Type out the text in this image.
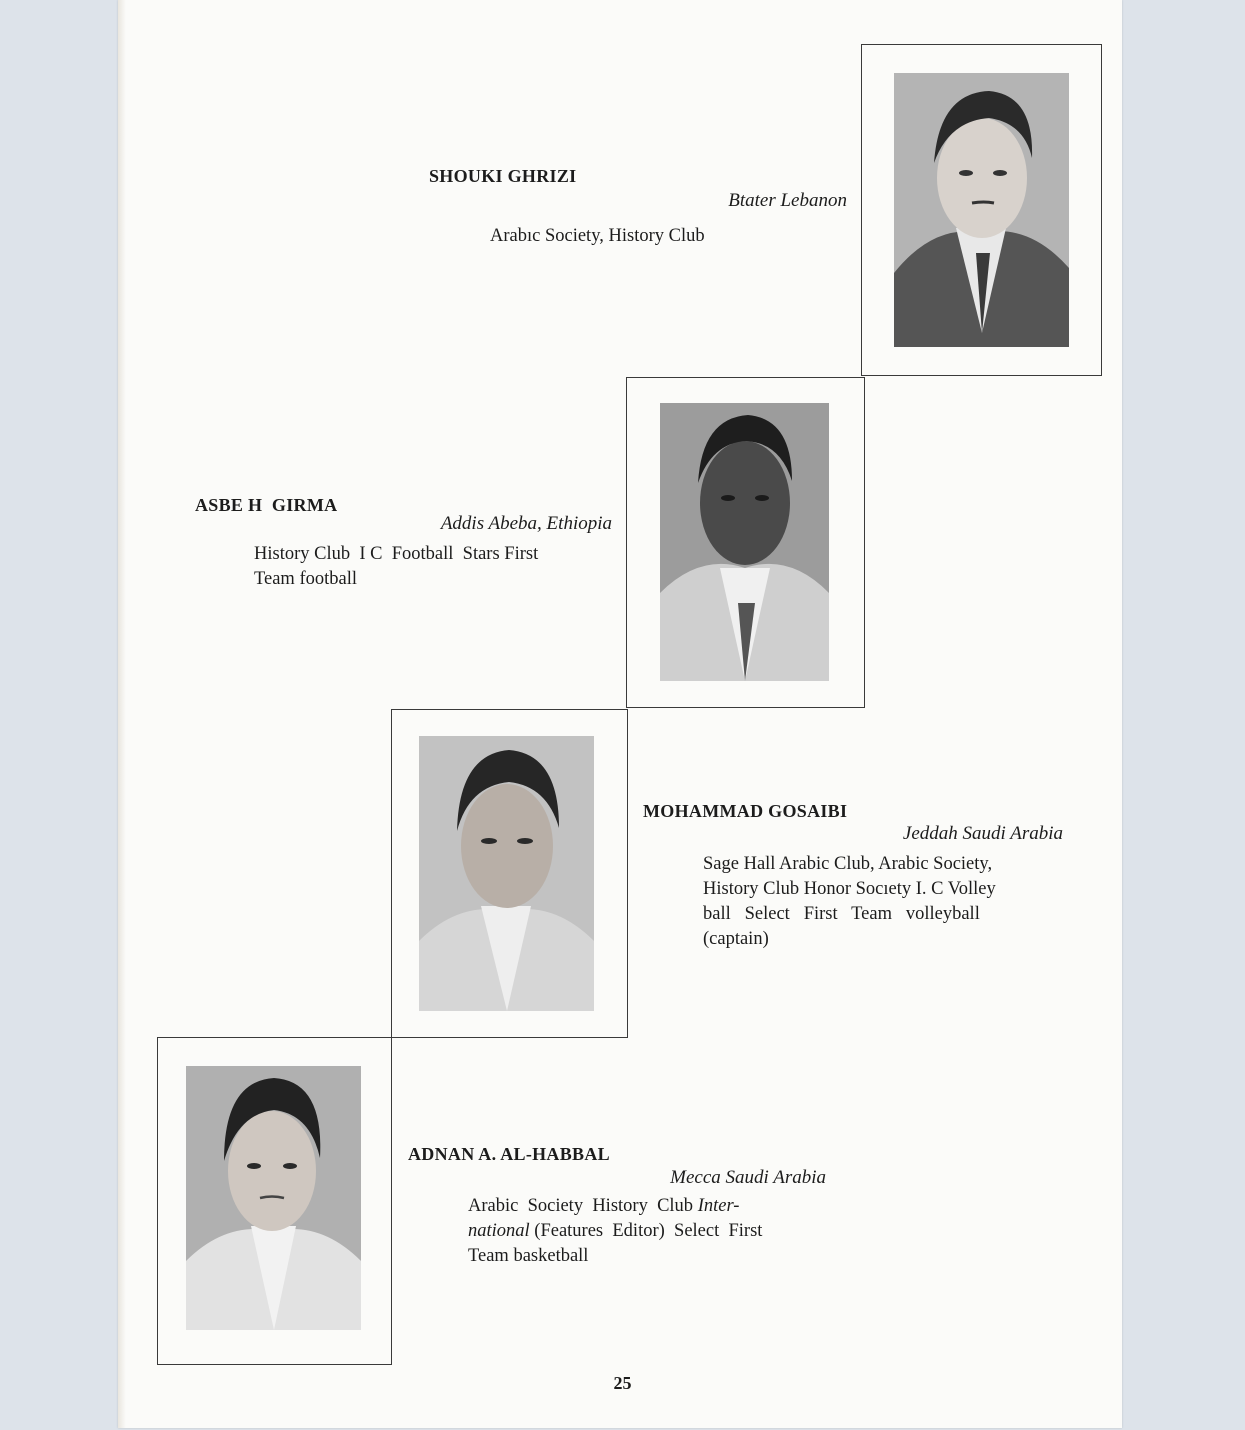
SHOUKI GHRIZI
Btater Lebanon
Arabıc Society, History Club
ASBE H  GIRMA
Addis Abeba, Ethiopia
History Club  I C  Football  Stars First
Team football
MOHAMMAD GOSAIBI
Jeddah Saudi Arabia
Sage Hall Arabic Club, Arabic Society,
History Club Honor Socıety I. C Volley
ball   Select   First   Team   volleyball
(captain)
ADNAN A. AL-HABBAL
Mecca Saudi Arabia
Arabic  Society  History  Club Inter-
national (Features  Editor)  Select  First
Team basketball
25
